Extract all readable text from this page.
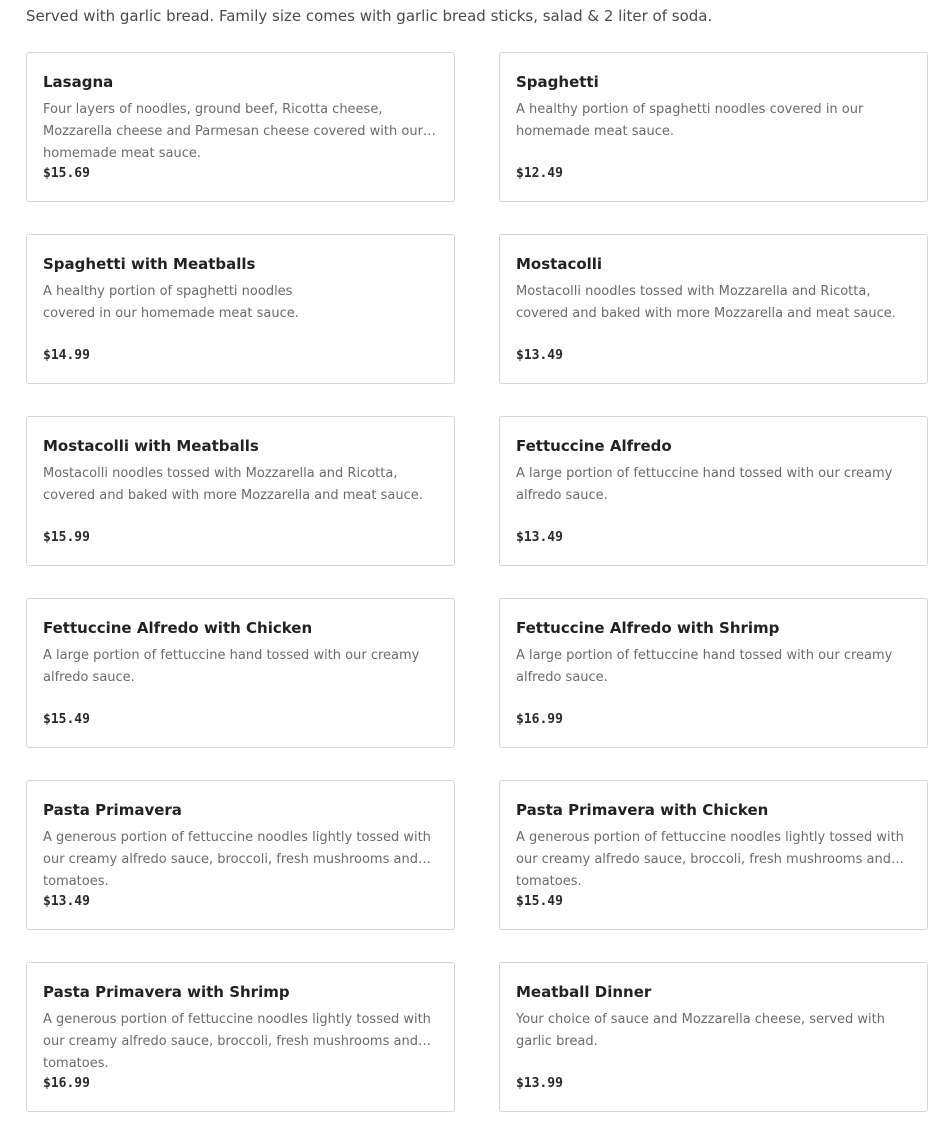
Served with garlic bread. Family size comes with garlic bread sticks, salad & 2 liter of soda.
Lasagna
Four layers of noodles, ground beef, Ricotta cheese, Mozzarella cheese and Parmesan cheese covered with our homemade meat sauce.
$15.69
Spaghetti
A healthy portion of spaghetti noodles covered in our homemade meat sauce.
$12.49
Spaghetti with Meatballs
A healthy portion of spaghetti noodles
covered in our homemade meat sauce.
$14.99
Mostacolli
Mostacolli noodles tossed with Mozzarella and Ricotta, covered and baked with more Mozzarella and meat sauce.
$13.49
Mostacolli with Meatballs
Mostacolli noodles tossed with Mozzarella and Ricotta, covered and baked with more Mozzarella and meat sauce.
$15.99
Fettuccine Alfredo
A large portion of fettuccine hand tossed with our creamy alfredo sauce.
$13.49
Fettuccine Alfredo with Chicken
A large portion of fettuccine hand tossed with our creamy alfredo sauce.
$15.49
Fettuccine Alfredo with Shrimp
A large portion of fettuccine hand tossed with our creamy alfredo sauce.
$16.99
Pasta Primavera
A generous portion of fettuccine noodles lightly tossed with our creamy alfredo sauce, broccoli, fresh mushrooms and tomatoes.
$13.49
Pasta Primavera with Chicken
A generous portion of fettuccine noodles lightly tossed with our creamy alfredo sauce, broccoli, fresh mushrooms and tomatoes.
$15.49
Pasta Primavera with Shrimp
A generous portion of fettuccine noodles lightly tossed with our creamy alfredo sauce, broccoli, fresh mushrooms and tomatoes.
$16.99
Meatball Dinner
Your choice of sauce and Mozzarella cheese, served with garlic bread.
$13.99
